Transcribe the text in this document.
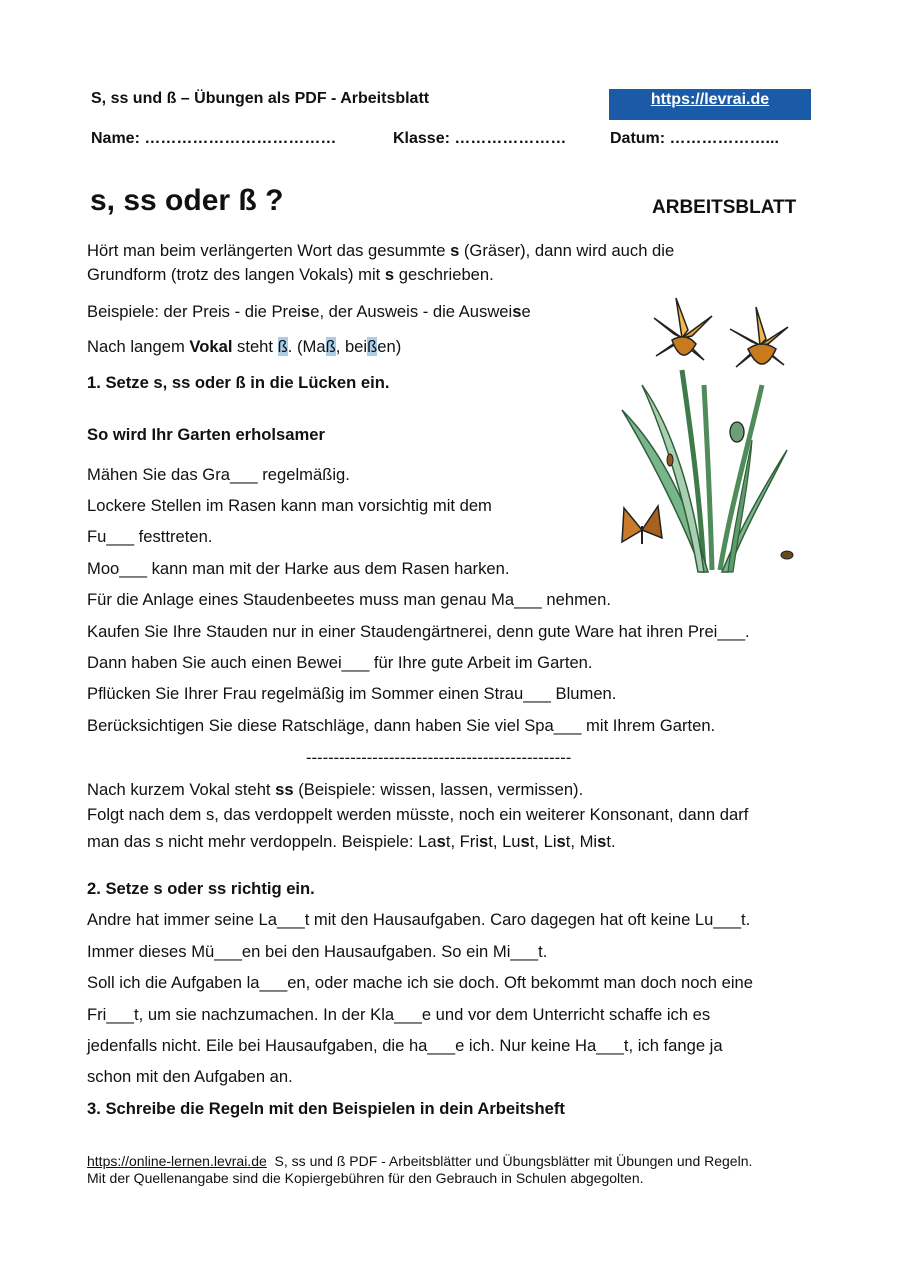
S, ss und ß – Übungen als PDF - Arbeitsblatt	https://levrai.de
Name: ………………………………	Klasse: …………………	Datum: ………………...
s, ss oder ß ?	ARBEITSBLATT
Hört man beim verlängerten Wort das gesummte s (Gräser), dann wird auch die
Grundform (trotz des langen Vokals) mit s geschrieben.
Beispiele: der Preis - die Preise, der Ausweis - die Ausweise
Nach langem Vokal steht ß. (Maß, beißen)
1. Setze s, ss oder ß in die Lücken ein.
So wird Ihr Garten erholsamer
Mähen Sie das Gra___ regelmäßig.
Lockere Stellen im Rasen kann man vorsichtig mit dem
Fu___ festtreten.
Moo___ kann man mit der Harke aus dem Rasen harken.
Für die Anlage eines Staudenbeetes muss man genau Ma___ nehmen.
Kaufen Sie Ihre Stauden nur in einer Staudengärtnerei, denn gute Ware hat ihren Prei___.
Dann haben Sie auch einen Bewei___ für Ihre gute Arbeit im Garten.
Pflücken Sie Ihrer Frau regelmäßig im Sommer einen Strau___ Blumen.
Berücksichtigen Sie diese Ratschläge, dann haben Sie viel Spa___ mit Ihrem Garten.
------------------------------------------------
Nach kurzem Vokal steht ss (Beispiele: wissen, lassen, vermissen).
Folgt nach dem s, das verdoppelt werden müsste, noch ein weiterer Konsonant, dann darf
man das s nicht mehr verdoppeln. Beispiele: Last, Frist, Lust, List, Mist.
2. Setze s oder ss richtig ein.
Andre hat immer seine La___t mit den Hausaufgaben. Caro dagegen hat oft keine Lu___t.
Immer dieses Mü___en bei den Hausaufgaben. So ein Mi___t.
Soll ich die Aufgaben la___en, oder mache ich sie doch. Oft bekommt man doch noch eine
Fri___t, um sie nachzumachen. In der Kla___e und vor dem Unterricht schaffe ich es
jedenfalls nicht. Eile bei Hausaufgaben, die ha___e ich. Nur keine Ha___t, ich fange ja
schon mit den Aufgaben an.
3. Schreibe die Regeln mit den Beispielen in dein Arbeitsheft
https://online-lernen.levrai.de  S, ss und ß PDF - Arbeitsblätter und Übungsblätter mit Übungen und Regeln.
Mit der Quellenangabe sind die Kopiergebühren für den Gebrauch in Schulen abgegolten.
